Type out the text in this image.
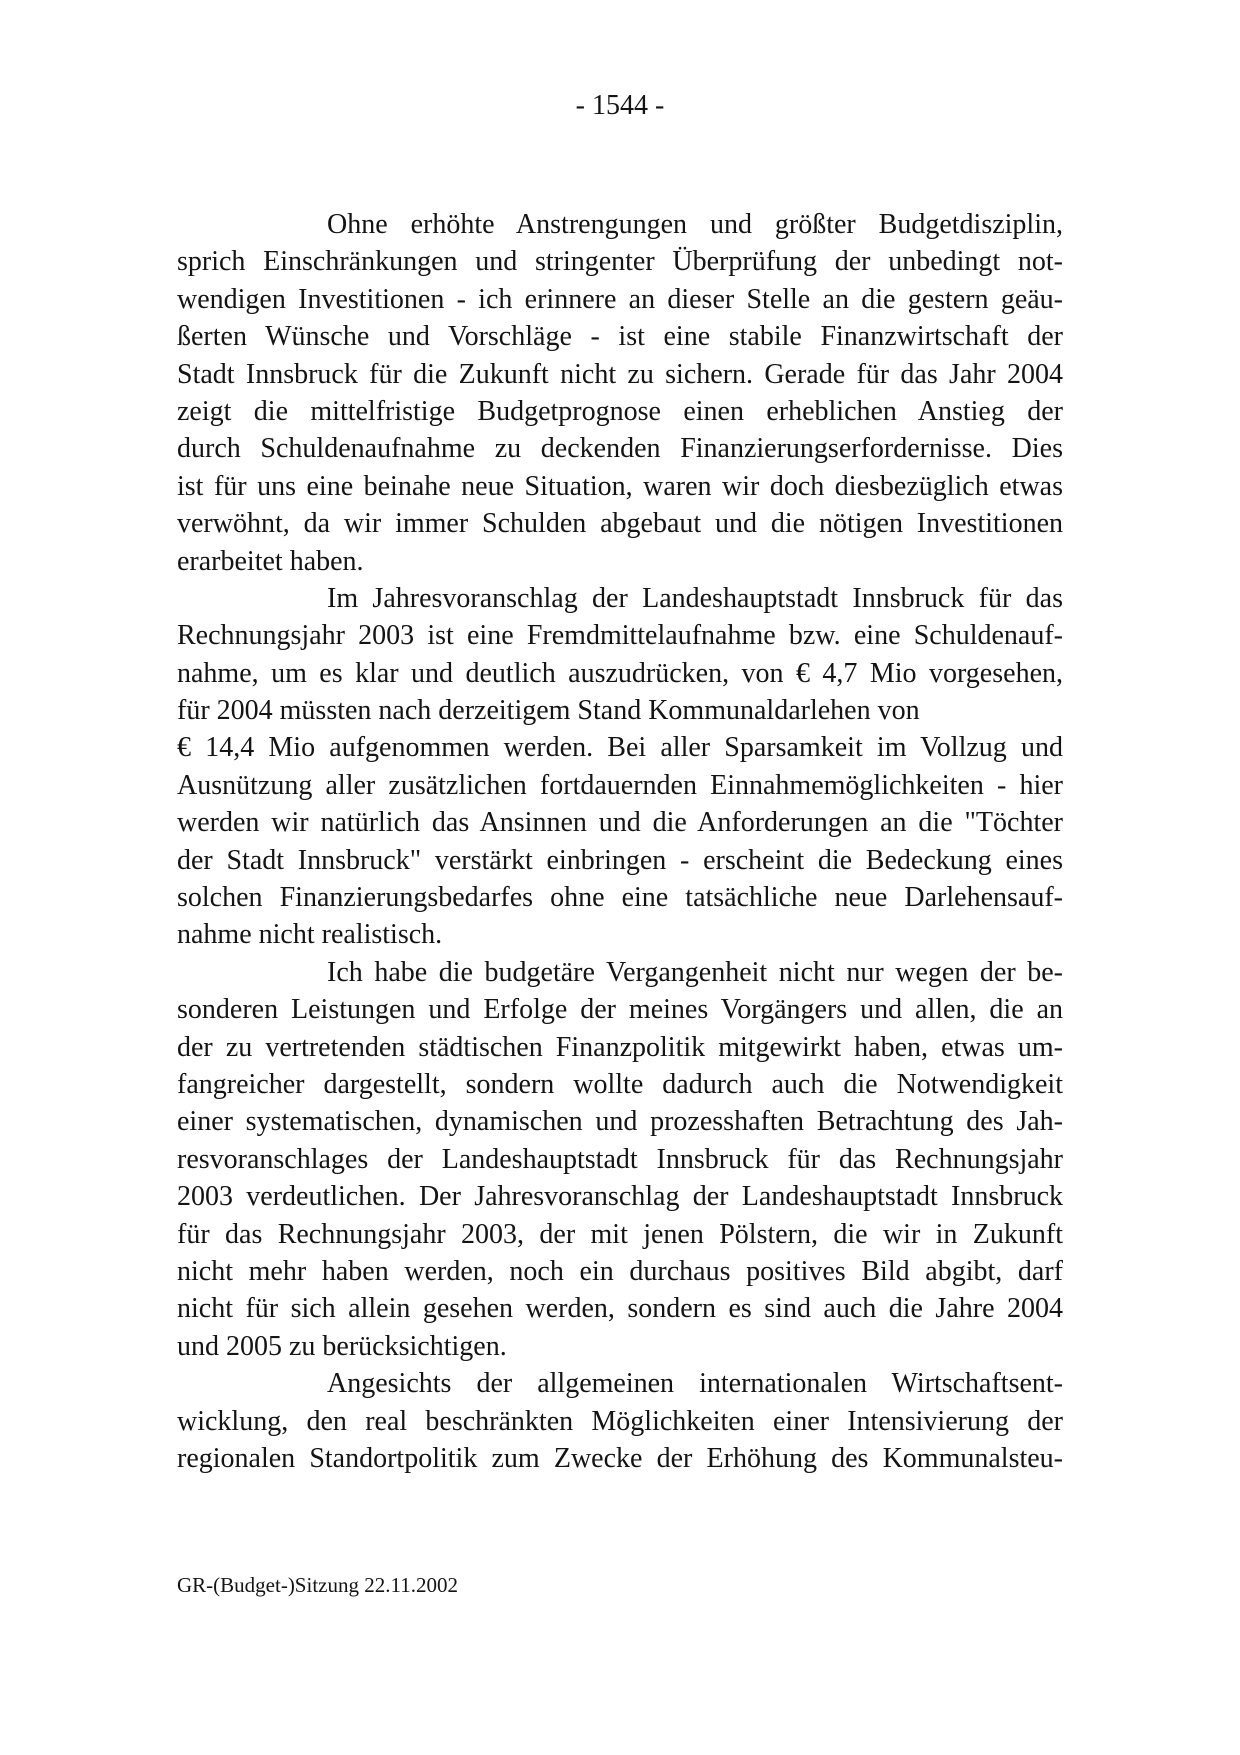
- 1544 -
Ohne erhöhte Anstrengungen und größter Budgetdisziplin,
sprich Einschränkungen und stringenter Überprüfung der unbedingt not-
wendigen Investitionen - ich erinnere an dieser Stelle an die gestern geäu-
ßerten Wünsche und Vorschläge - ist eine stabile Finanzwirtschaft der
Stadt Innsbruck für die Zukunft nicht zu sichern. Gerade für das Jahr 2004
zeigt die mittelfristige Budgetprognose einen erheblichen Anstieg der
durch Schuldenaufnahme zu deckenden Finanzierungserfordernisse. Dies
ist für uns eine beinahe neue Situation, waren wir doch diesbezüglich etwas
verwöhnt, da wir immer Schulden abgebaut und die nötigen Investitionen
erarbeitet haben.
Im Jahresvoranschlag der Landeshauptstadt Innsbruck für das
Rechnungsjahr 2003 ist eine Fremdmittelaufnahme bzw. eine Schuldenauf-
nahme, um es klar und deutlich auszudrücken, von € 4,7 Mio vorgesehen,
für 2004 müssten nach derzeitigem Stand Kommunaldarlehen von
€ 14,4 Mio aufgenommen werden. Bei aller Sparsamkeit im Vollzug und
Ausnützung aller zusätzlichen fortdauernden Einnahmemöglichkeiten - hier
werden wir natürlich das Ansinnen und die Anforderungen an die "Töchter
der Stadt Innsbruck" verstärkt einbringen - erscheint die Bedeckung eines
solchen Finanzierungsbedarfes ohne eine tatsächliche neue Darlehensauf-
nahme nicht realistisch.
Ich habe die budgetäre Vergangenheit nicht nur wegen der be-
sonderen Leistungen und Erfolge der meines Vorgängers und allen, die an
der zu vertretenden städtischen Finanzpolitik mitgewirkt haben, etwas um-
fangreicher dargestellt, sondern wollte dadurch auch die Notwendigkeit
einer systematischen, dynamischen und prozesshaften Betrachtung des Jah-
resvoranschlages der Landeshauptstadt Innsbruck für das Rechnungsjahr
2003 verdeutlichen. Der Jahresvoranschlag der Landeshauptstadt Innsbruck
für das Rechnungsjahr 2003, der mit jenen Pölstern, die wir in Zukunft
nicht mehr haben werden, noch ein durchaus positives Bild abgibt, darf
nicht für sich allein gesehen werden, sondern es sind auch die Jahre 2004
und 2005 zu berücksichtigen.
Angesichts der allgemeinen internationalen Wirtschaftsent-
wicklung, den real beschränkten Möglichkeiten einer Intensivierung der
regionalen Standortpolitik zum Zwecke der Erhöhung des Kommunalsteu-
GR-(Budget-)Sitzung 22.11.2002
